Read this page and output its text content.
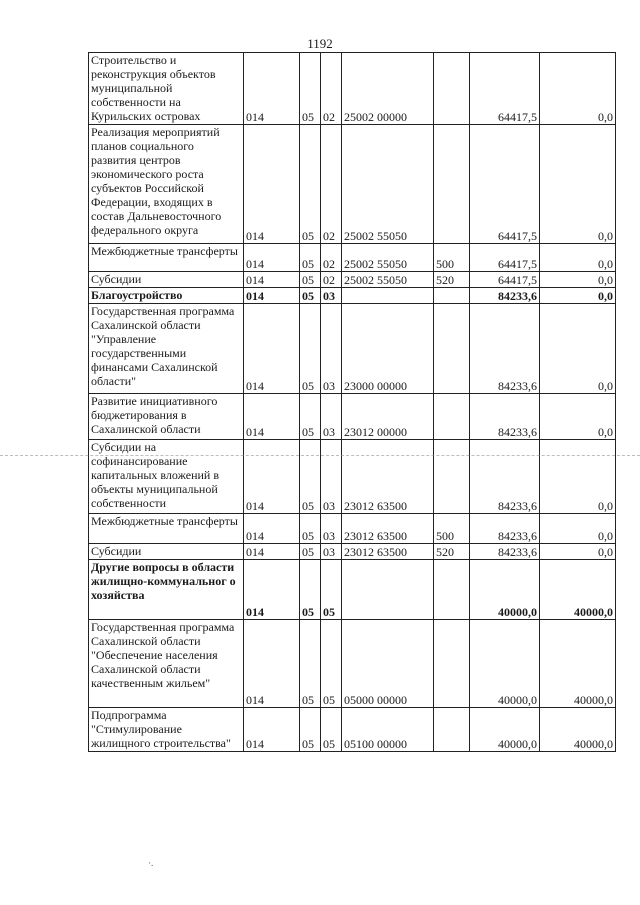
1192
Строительство и реконструкция объектов муниципальной собственности на Курильских островах	014	05	02	25002 00000		64417,5	0,0
Реализация мероприятий планов социального развития центров экономического роста субъектов Российской Федерации, входящих в состав Дальневосточного федерального округа	014	05	02	25002 55050		64417,5	0,0
Межбюджетные трансферты	014	05	02	25002 55050	500	64417,5	0,0
Субсидии	014	05	02	25002 55050	520	64417,5	0,0
Благоустройство	014	05	03			84233,6	0,0
Государственная программа Сахалинской области "Управление государственными финансами Сахалинской области"	014	05	03	23000 00000		84233,6	0,0
Развитие инициативного бюджетирования в Сахалинской области	014	05	03	23012 00000		84233,6	0,0
Субсидии на софинансирование капитальных вложений в объекты муниципальной собственности	014	05	03	23012 63500		84233,6	0,0
Межбюджетные трансферты	014	05	03	23012 63500	500	84233,6	0,0
Субсидии	014	05	03	23012 63500	520	84233,6	0,0
Другие вопросы в области жилищно-коммунальног о хозяйства	014	05	05			40000,0	40000,0
Государственная программа Сахалинской области "Обеспечение населения Сахалинской области качественным жильем"	014	05	05	05000 00000		40000,0	40000,0
Подпрограмма "Стимулирование жилищного строительства"	014	05	05	05100 00000		40000,0	40000,0
·.
